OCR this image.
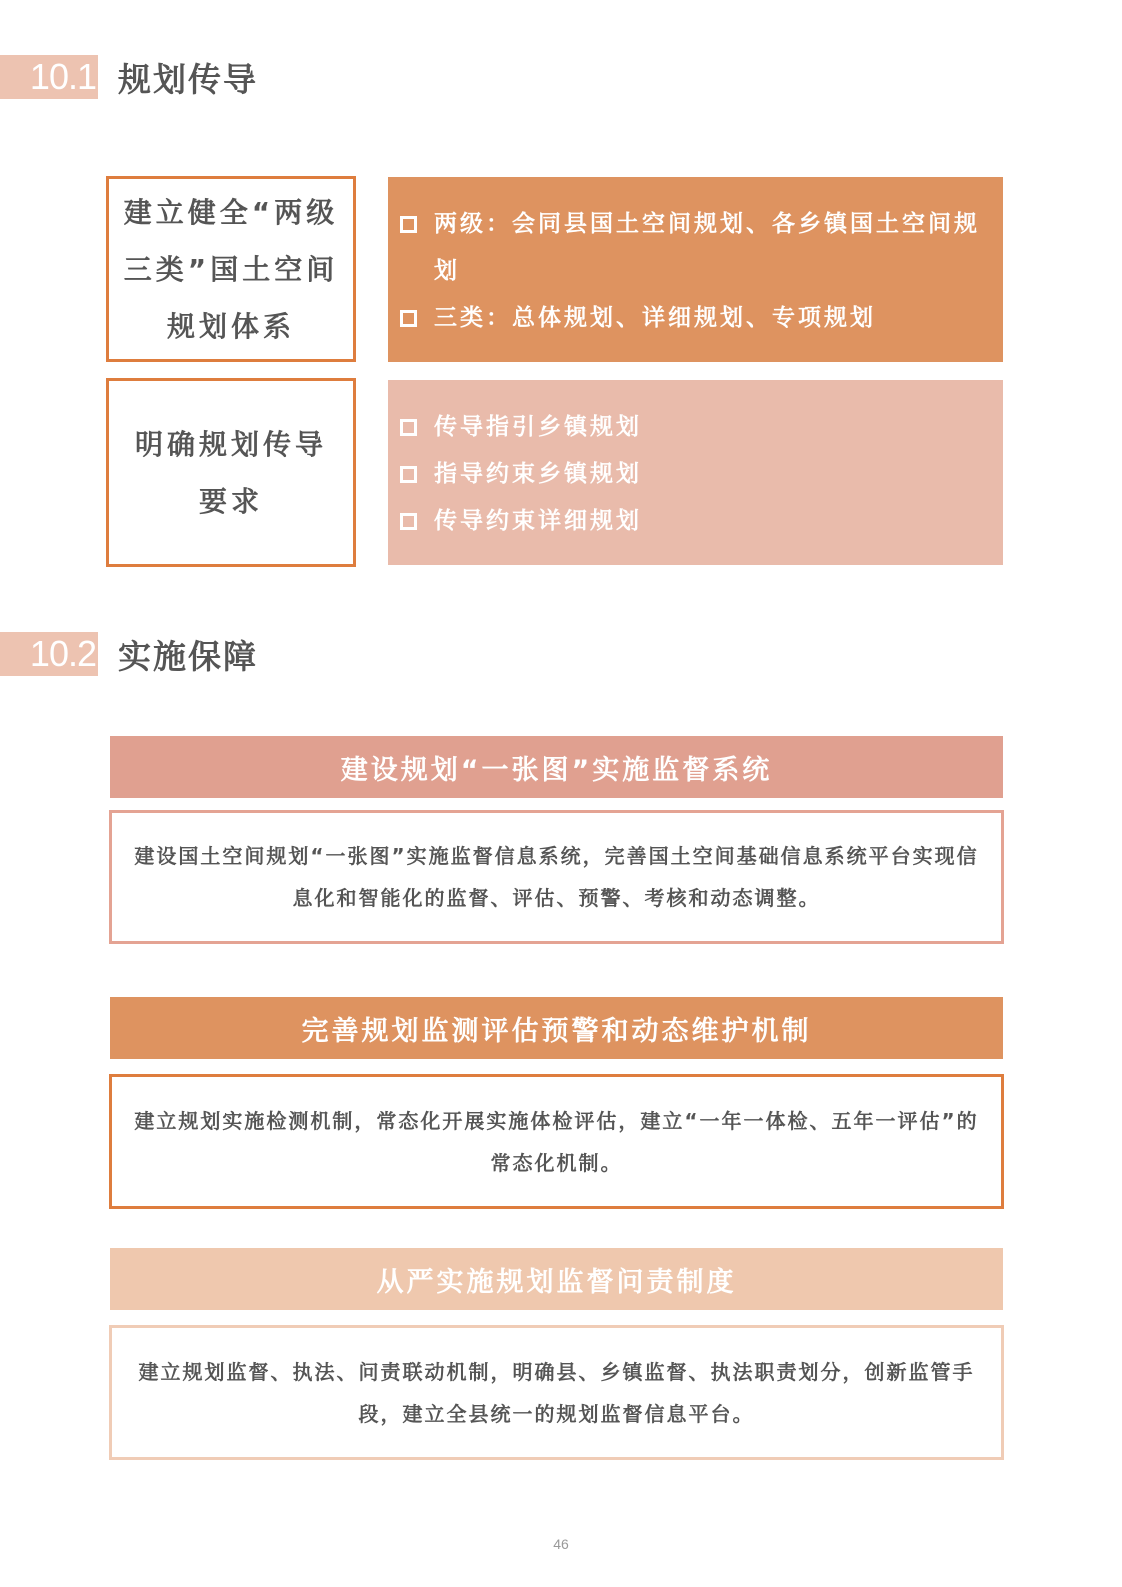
10.1 规划传导
建立健全“两级三类”国土空间规划体系
两级：会同县国土空间规划、各乡镇国土空间规划
三类：总体规划、详细规划、专项规划
明确规划传导要求
传导指引乡镇规划
指导约束乡镇规划
传导约束详细规划
10.2 实施保障
建设规划“一张图”实施监督系统
建设国土空间规划“一张图”实施监督信息系统，完善国土空间基础信息系统平台实现信息化和智能化的监督、评估、预警、考核和动态调整。
完善规划监测评估预警和动态维护机制
建立规划实施检测机制，常态化开展实施体检评估，建立“一年一体检、五年一评估”的常态化机制。
从严实施规划监督问责制度
建立规划监督、执法、问责联动机制，明确县、乡镇监督、执法职责划分，创新监管手段，建立全县统一的规划监督信息平台。
46
